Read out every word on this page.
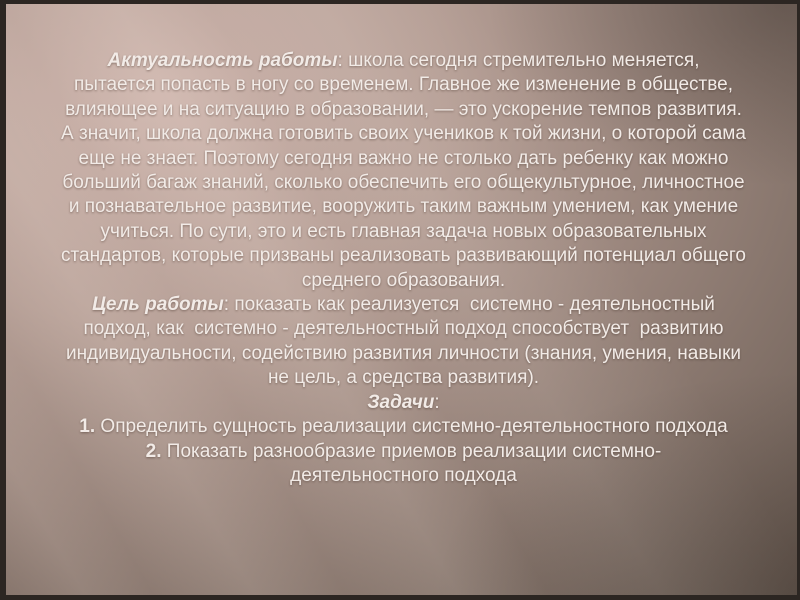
Актуальность работы: школа сегодня стремительно меняется,
пытается попасть в ногу со временем. Главное же изменение в обществе,
влияющее и на ситуацию в образовании, — это ускорение темпов развития.
А значит, школа должна готовить своих учеников к той жизни, о которой сама
еще не знает. Поэтому сегодня важно не столько дать ребенку как можно
больший багаж знаний, сколько обеспечить его общекультурное, личностное
и познавательное развитие, вооружить таким важным умением, как умение
учиться. По сути, это и есть главная задача новых образовательных
стандартов, которые призваны реализовать развивающий потенциал общего
среднего образования.
Цель работы: показать как реализуется  системно - деятельностный
подход, как  системно - деятельностный подход способствует  развитию
индивидуальности, содействию развития личности (знания, умения, навыки
не цель, а средства развития).
Задачи:
1. Определить сущность реализации системно-деятельностного подхода
2. Показать разнообразие приемов реализации системно-
деятельностного подхода
